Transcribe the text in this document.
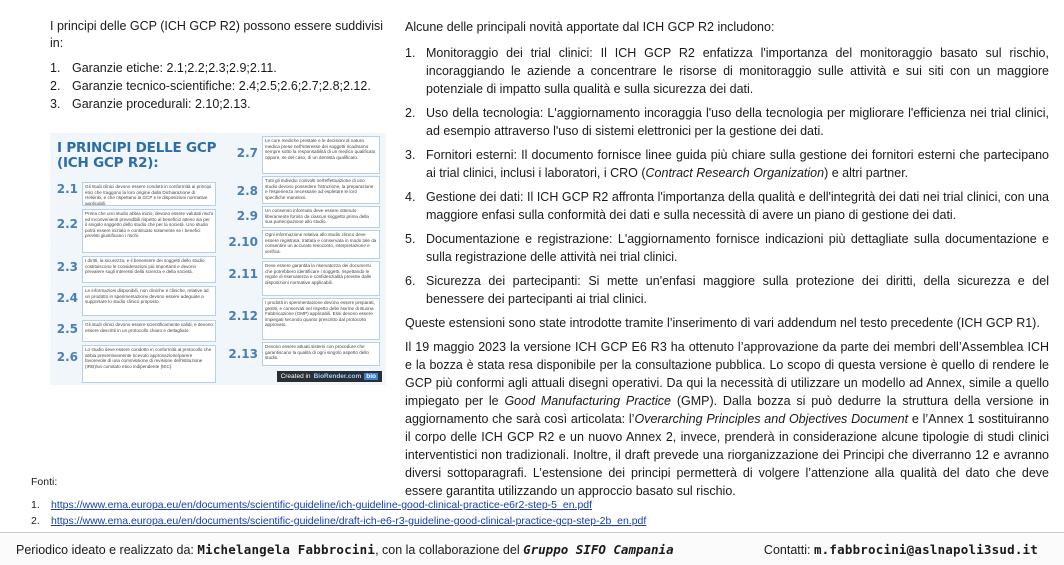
I principi delle GCP (ICH GCP R2) possono essere suddivisi in:

1. Garanzie etiche: 2.1;2.2;2.3;2.9;2.11.
2. Garanzie tecnico-scientifiche: 2.4;2.5;2.6;2.7;2.8;2.12.
3. Garanzie procedurali: 2.10;2.13.
I PRINCIPI DELLE GCP
(ICH GCP R2):
2.1	Gli studi clinici devono essere condotti in conformità ai principi etici che traggono la loro origine dalla Dichiarazione di Helsinki, e che rispettano la GCP e le disposizioni normative applicabili.
2.2
Prima che uno studio abbia inizio, devono essere valutati rischi ed inconvenienti prevedibili rispetto al beneficio atteso sia per il singolo soggetto dello studio che per la società. Uno studio potrà essere iniziato e continuato solamente se i benefici previsti giustificano i rischi.
2.3	I diritti, la sicurezza, e il benessere dei soggetti dello studio costituiscono le considerazioni più importanti e devono prevalere sugli interessi della scienza e della società.
2.4
Le informazioni disponibili, non cliniche e cliniche, relative ad un prodotto in sperimentazione devono essere adeguate a supportare lo studio clinico proposto.
2.5	Gli studi clinici devono essere scientificamente validi, e devono essere descritti in un protocollo chiaro e dettagliato.
2.6
Lo studio deve essere condotto in conformità al protocollo che abbia preventivamente ricevuto approvazione/parere favorevole di una commissione di revisione dell'istituzione (IRB)/un comitato etico indipendente (IEC).
2.7
Le cure mediche prestate e le decisioni di natura medica prese nell'interesse dei soggetti ricadranno sempre sotto la responsabilità di un medico qualificato oppure, se del caso, di un dentista qualificato.
2.8
Tutti gli individui coinvolti nell'effettuazione di uno studio devono possedere l'istruzione, la preparazione e l'esperienza necessarie ad espletare le loro specifiche mansioni.
2.9	Un consenso informato deve essere ottenuto liberamente fornito da ciascun soggetto prima della sua partecipazione allo studio.
2.10
Ogni informazione relativa allo studio clinico deve essere registrata, trattata e conservata in modo tale da consentire un accurato resoconto, interpretazione e verifica.
2.11
Deve essere garantita la riservatezza dei documenti che potrebbero identificare i soggetti, rispettando le regole di riservatezza e confidenzialità previste dalle disposizioni normative applicabili.
2.12
I prodotti in sperimentazione devono essere preparati, gestiti, e conservati nel rispetto delle Norme di Buona Fabbricazione (GMP) applicabili. Essi devono essere impiegati secondo quanto prescritto dal protocollo approvato.
2.13
Devono essere attuati sistemi con procedure che garantiscano la qualità di ogni singolo aspetto dello studio.
Created in BioRender.com bio

Alcune delle principali novità apportate dal ICH GCP R2 includono:

1. Monitoraggio dei trial clinici: Il ICH GCP R2 enfatizza l'importanza del monitoraggio basato sul rischio, incoraggiando le aziende a concentrare le risorse di monitoraggio sulle attività e sui siti con un maggiore potenziale di impatto sulla qualità e sulla sicurezza dei dati.
2. Uso della tecnologia: L'aggiornamento incoraggia l'uso della tecnologia per migliorare l'efficienza nei trial clinici, ad esempio attraverso l'uso di sistemi elettronici per la gestione dei dati.
3. Fornitori esterni: Il documento fornisce linee guida più chiare sulla gestione dei fornitori esterni che partecipano ai trial clinici, inclusi i laboratori, i CRO (Contract Research Organization) e altri partner.
4. Gestione dei dati: Il ICH GCP R2 affronta l'importanza della qualità e dell'integrità dei dati nei trial clinici, con una maggiore enfasi sulla conformità dei dati e sulla necessità di avere un piano di gestione dei dati.
5. Documentazione e registrazione: L'aggiornamento fornisce indicazioni più dettagliate sulla documentazione e sulla registrazione delle attività nei trial clinici.
6. Sicurezza dei partecipanti: Si mette un'enfasi maggiore sulla protezione dei diritti, della sicurezza e del benessere dei partecipanti ai trial clinici.

Queste estensioni sono state introdotte tramite l’inserimento di vari addendum nel testo precedente (ICH GCP R1).

Il 19 maggio 2023 la versione ICH GCP E6 R3 ha ottenuto l’approvazione da parte dei membri dell’Assemblea ICH e la bozza è stata resa disponibile per la consultazione pubblica. Lo scopo di questa versione è quello di rendere le GCP più conformi agli attuali disegni operativi. Da qui la necessità di utilizzare un modello ad Annex, simile a quello impiegato per le Good Manufacturing Practice (GMP). Dalla bozza si può dedurre la struttura della versione in aggiornamento che sarà così articolata: l’Overarching Principles and Objectives Document e l’Annex 1 sostituiranno il corpo delle ICH GCP R2 e un nuovo Annex 2, invece, prenderà in considerazione alcune tipologie di studi clinici interventistici non tradizionali. Inoltre, il draft prevede una riorganizzazione dei Principi che diverranno 12 e avranno diversi sottoparagrafi. L’estensione dei principi permetterà di volgere l’attenzione alla qualità del dato che deve essere garantita utilizzando un approccio basato sul rischio.

Fonti:
1.	https://www.ema.europa.eu/en/documents/scientific-guideline/ich-guideline-good-clinical-practice-e6r2-step-5_en.pdf
2.	https://www.ema.europa.eu/en/documents/scientific-guideline/draft-ich-e6-r3-guideline-good-clinical-practice-gcp-step-2b_en.pdf
Periodico ideato e realizzato da: Michelangela Fabbrocini, con la collaborazione del Gruppo SIFO Campania	Contatti: m.fabbrocini@aslnapoli3sud.it
